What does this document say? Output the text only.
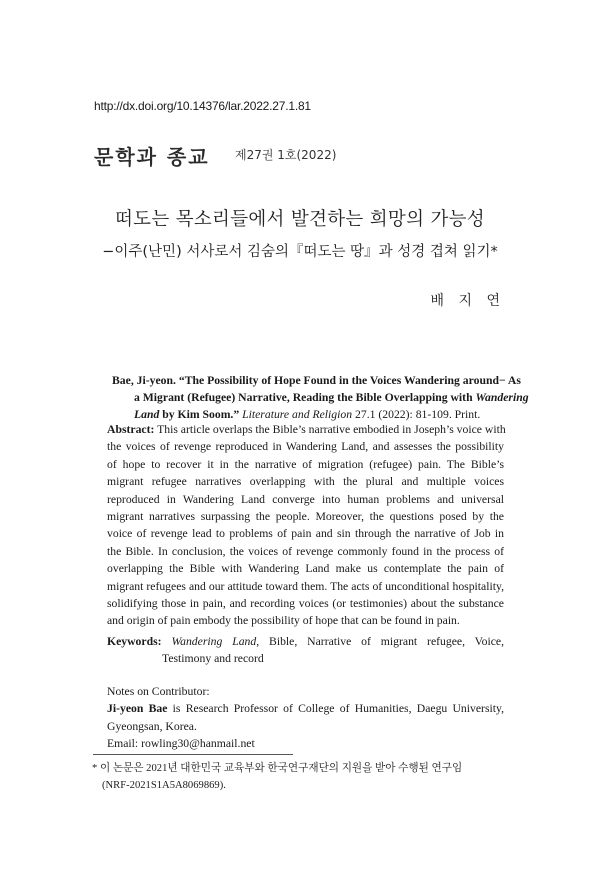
http://dx.doi.org/10.14376/lar.2022.27.1.81
문학과 종교 제27권 1호(2022)
떠도는 목소리들에서 발견하는 희망의 가능성
−이주(난민) 서사로서 김숨의『떠도는 땅』과 성경 겹쳐 읽기*
배 지 연
Bae, Ji-yeon. “The Possibility of Hope Found in the Voices Wandering around− As
a Migrant (Refugee) Narrative, Reading the Bible Overlapping with Wandering
Land by Kim Soom.” Literature and Religion 27.1 (2022): 81-109. Print.
Abstract: This article overlaps the Bible’s narrative embodied in Joseph’s voice with
the voices of revenge reproduced in Wandering Land, and assesses the possibility
of hope to recover it in the narrative of migration (refugee) pain. The Bible’s
migrant refugee narratives overlapping with the plural and multiple voices
reproduced in Wandering Land converge into human problems and universal
migrant narratives surpassing the people. Moreover, the questions posed by the
voice of revenge lead to problems of pain and sin through the narrative of Job in
the Bible. In conclusion, the voices of revenge commonly found in the process of
overlapping the Bible with Wandering Land make us contemplate the pain of
migrant refugees and our attitude toward them. The acts of unconditional hospitality,
solidifying those in pain, and recording voices (or testimonies) about the substance
and origin of pain embody the possibility of hope that can be found in pain.
Keywords: Wandering Land, Bible, Narrative of migrant refugee, Voice,
Testimony and record
Notes on Contributor:
Ji-yeon Bae is Research Professor of College of Humanities, Daegu University,
Gyeongsan, Korea.
Email: rowling30@hanmail.net
* 이 논문은 2021년 대한민국 교육부와 한국연구재단의 지원을 받아 수행된 연구임
(NRF-2021S1A5A8069869).
